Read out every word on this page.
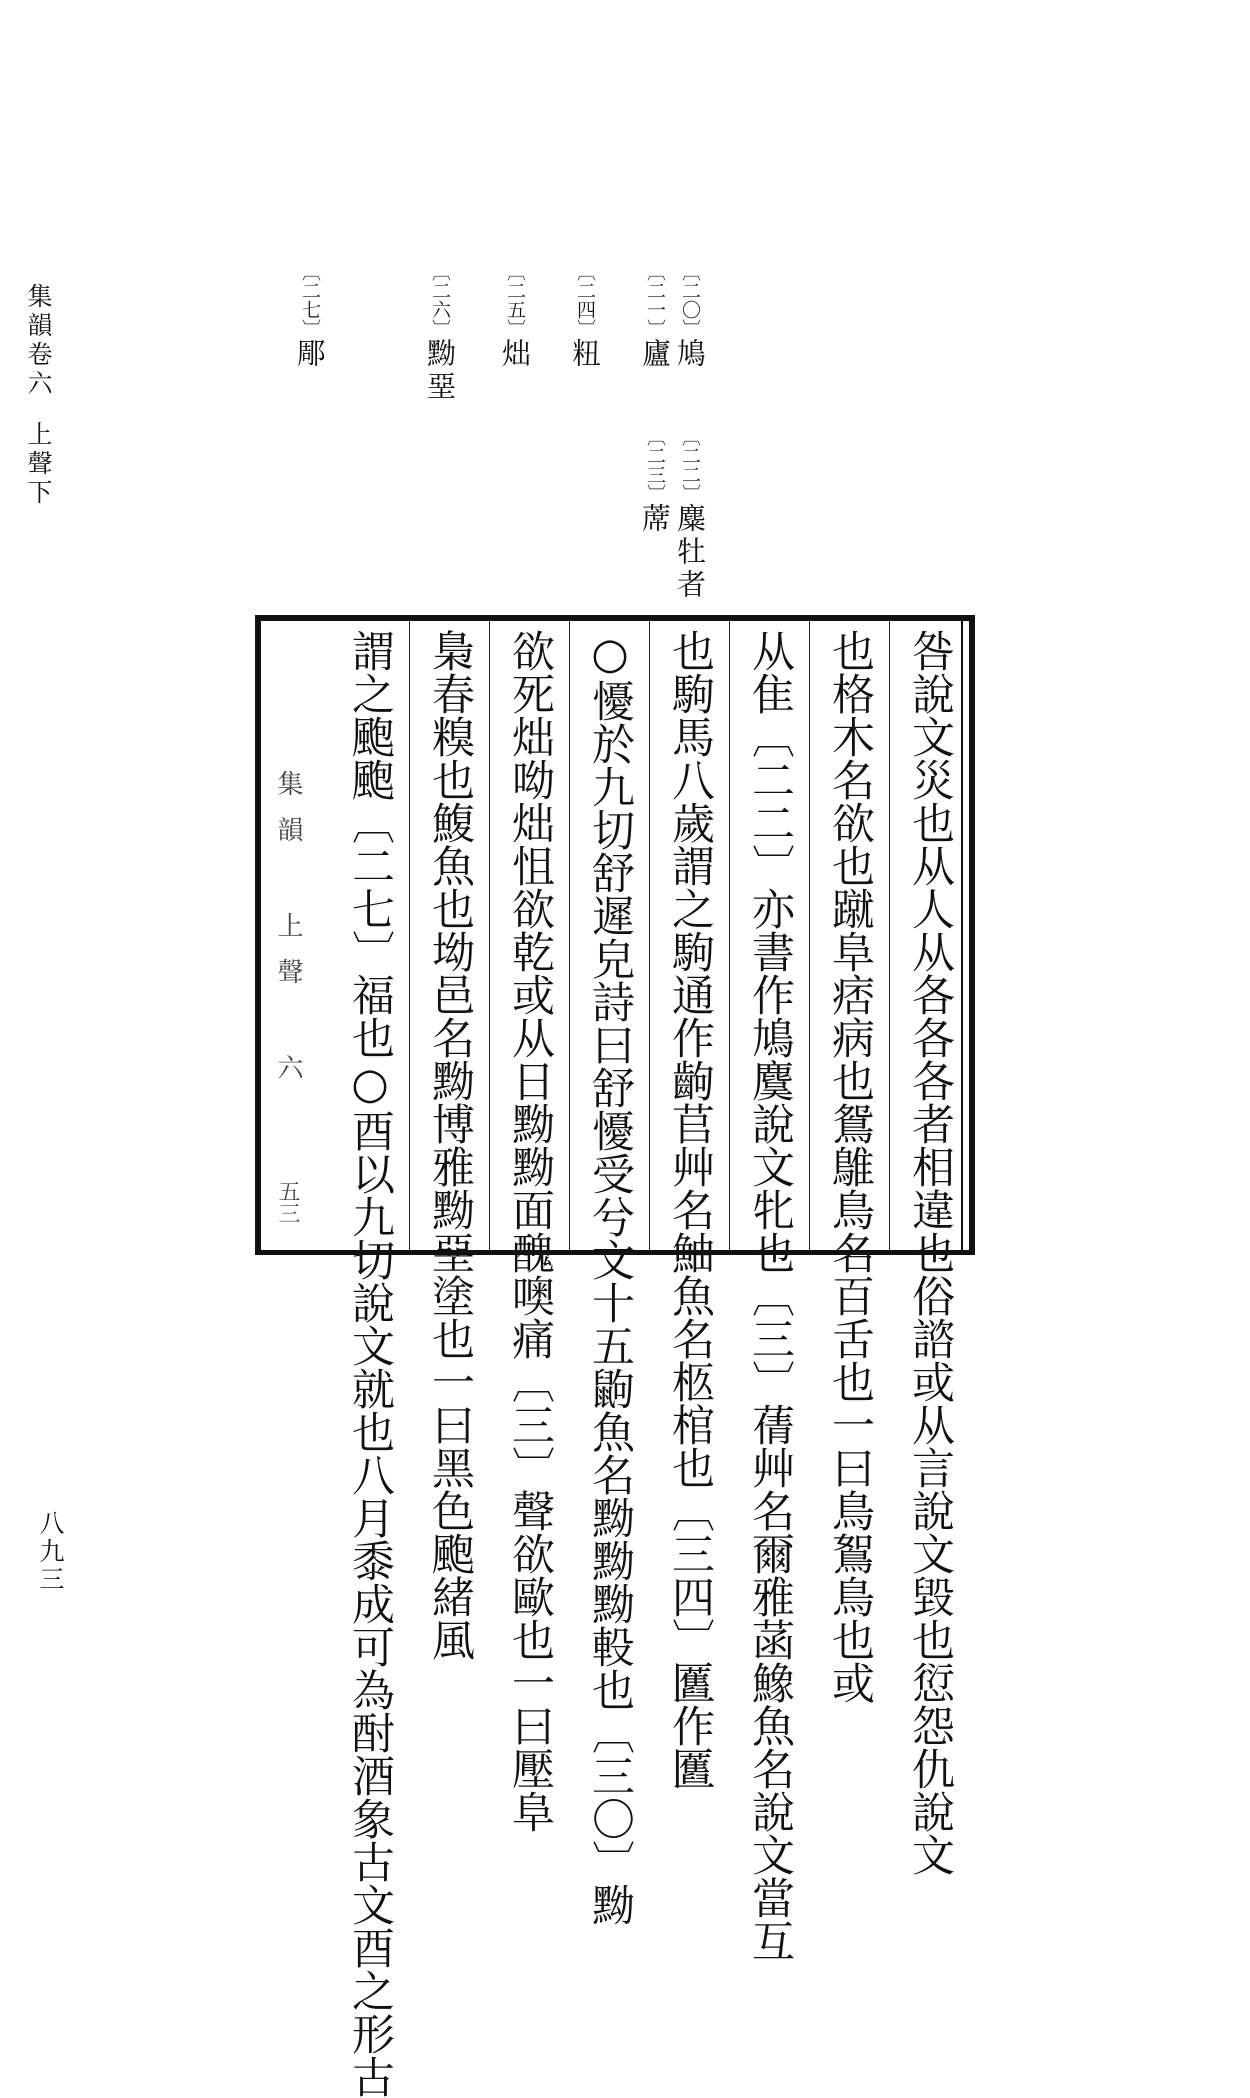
集韻卷六上聲下
八九三
〔二〇〕鳩
〔二一〕廬
〔二二〕麋牡者
〔二三〕蓆
〔二四〕粈
〔二五〕炪
〔二六〕黝堊
〔二七〕郮
咎說文災也从人从各各各者相違也俗諮或从言說文毀也愆怨仇說文
也格木名欲也蹴阜痞病也鴛鵻鳥名百舌也一曰鳥鴽鳥也或
从隹〔二二〕亦書作鳩麌說文牝也〔三〕蒨艸名爾雅菡鱌魚名說文當互
也駒馬八歲謂之駒通作齣苢艸名鮋魚名柩棺也〔三四〕匶作匶
○懮於九切舒遲皃詩曰舒懮受兮文十五鼩魚名黝黝黝軗也〔三〇〕黝
欲死炪呦炪怚欲乾或从日黝黝面醜噢痛〔三〕聲欲歐也一曰壓阜
梟春糗也鰒魚也坳邑名黝博雅黝堊塗也一曰黑色颮緒風
謂之颮颮〔二七〕福也○酉以九切說文就也八月黍成可為酎酒象古文酉之形古
集韻 上聲 六
五三
